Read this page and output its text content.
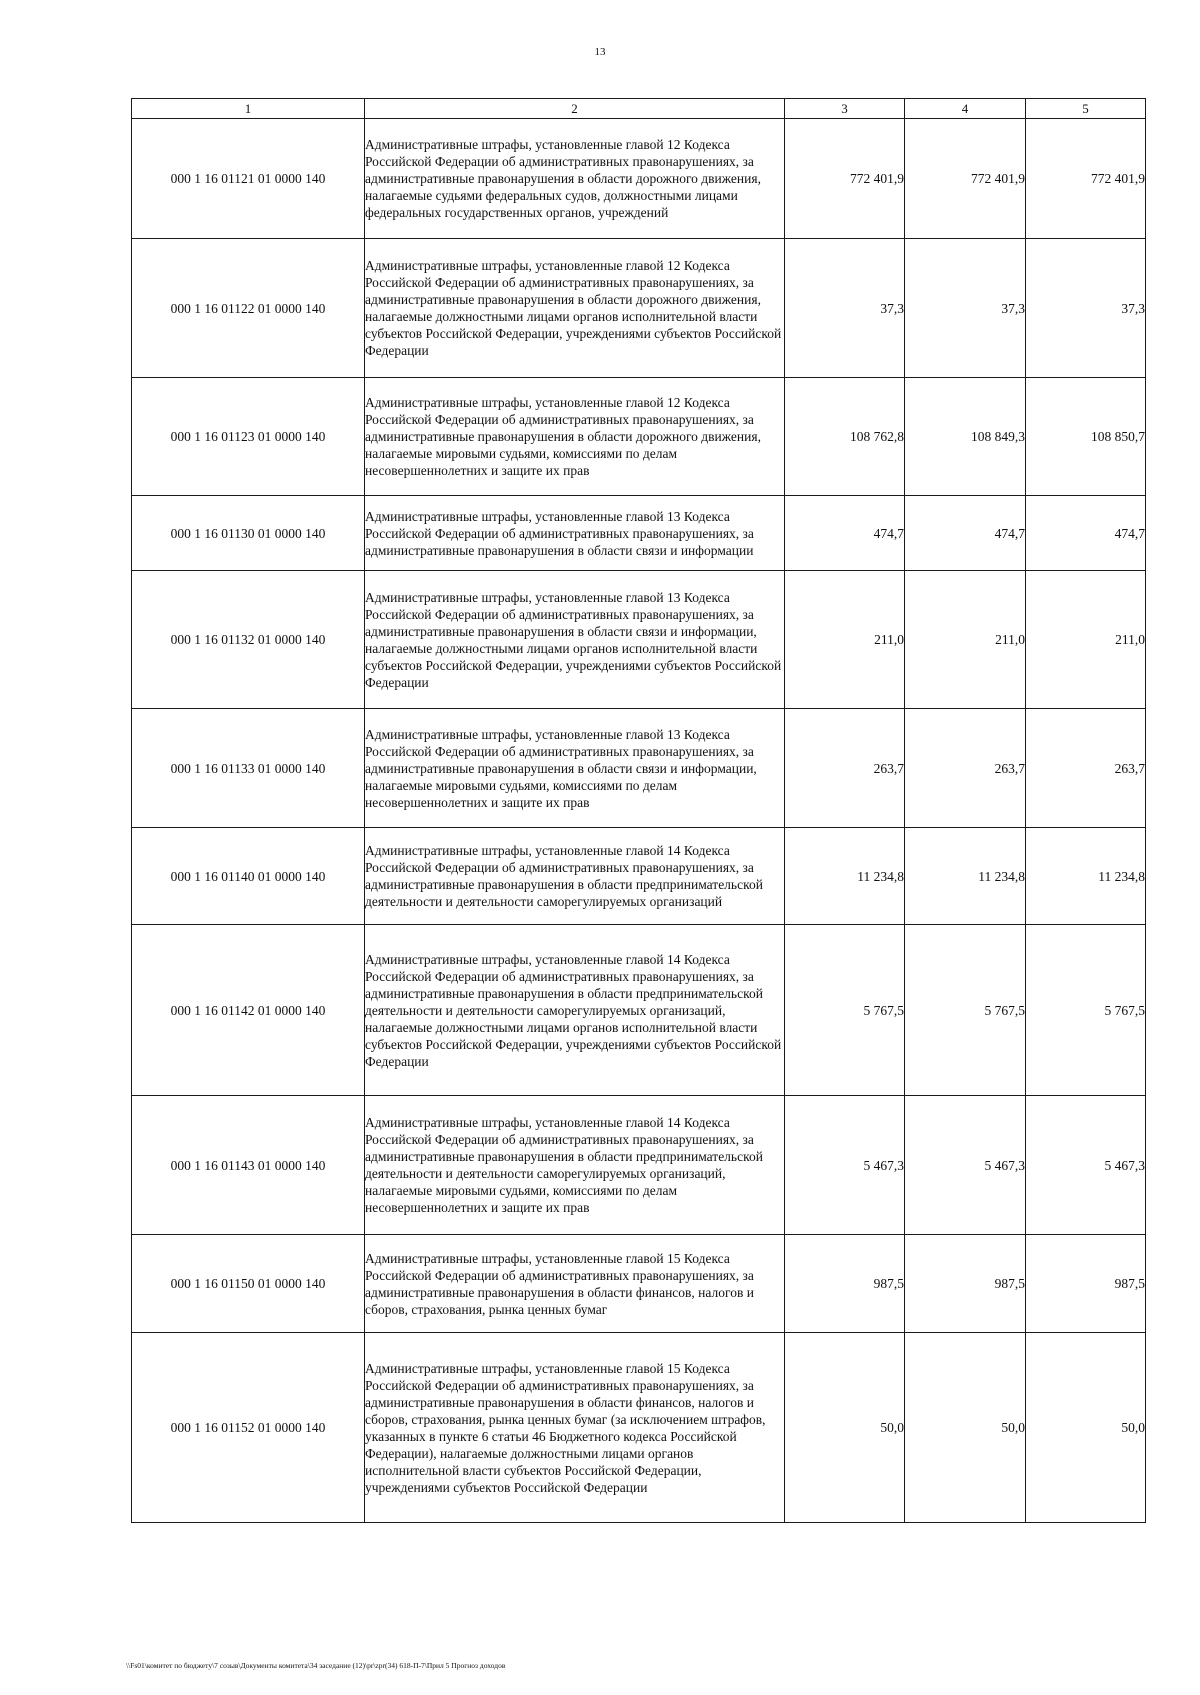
13
1	2	3	4	5
000 1 16 01121 01 0000 140	Административные штрафы, установленные главой 12 Кодекса Российской Федерации об административных правонарушениях, за административные правонарушения в области дорожного движения, налагаемые судьями федеральных судов, должностными лицами федеральных государственных органов, учреждений	772 401,9	772 401,9	772 401,9
000 1 16 01122 01 0000 140	Административные штрафы, установленные главой 12 Кодекса Российской Федерации об административных правонарушениях, за административные правонарушения в области дорожного движения, налагаемые должностными лицами органов исполнительной власти субъектов Российской Федерации, учреждениями субъектов Российской Федерации	37,3	37,3	37,3
000 1 16 01123 01 0000 140	Административные штрафы, установленные главой 12 Кодекса Российской Федерации об административных правонарушениях, за административные правонарушения в области дорожного движения, налагаемые мировыми судьями, комиссиями по делам несовершеннолетних и защите их прав	108 762,8	108 849,3	108 850,7
000 1 16 01130 01 0000 140	Административные штрафы, установленные главой 13 Кодекса Российской Федерации об административных правонарушениях, за административные правонарушения в области связи и информации	474,7	474,7	474,7
000 1 16 01132 01 0000 140	Административные штрафы, установленные главой 13 Кодекса Российской Федерации об административных правонарушениях, за административные правонарушения в области связи и информации, налагаемые должностными лицами органов исполнительной власти субъектов Российской Федерации, учреждениями субъектов Российской Федерации	211,0	211,0	211,0
000 1 16 01133 01 0000 140	Административные штрафы, установленные главой 13 Кодекса Российской Федерации об административных правонарушениях, за административные правонарушения в области связи и информации, налагаемые мировыми судьями, комиссиями по делам несовершеннолетних и защите их прав	263,7	263,7	263,7
000 1 16 01140 01 0000 140	Административные штрафы, установленные главой 14 Кодекса Российской Федерации об административных правонарушениях, за административные правонарушения в области предпринимательской деятельности и деятельности саморегулируемых организаций	11 234,8	11 234,8	11 234,8
000 1 16 01142 01 0000 140	Административные штрафы, установленные главой 14 Кодекса Российской Федерации об административных правонарушениях, за административные правонарушения в области предпринимательской деятельности и деятельности саморегулируемых организаций, налагаемые должностными лицами органов исполнительной власти субъектов Российской Федерации, учреждениями субъектов Российской Федерации	5 767,5	5 767,5	5 767,5
000 1 16 01143 01 0000 140	Административные штрафы, установленные главой 14 Кодекса Российской Федерации об административных правонарушениях, за административные правонарушения в области предпринимательской деятельности и деятельности саморегулируемых организаций, налагаемые мировыми судьями, комиссиями по делам несовершеннолетних и защите их прав	5 467,3	5 467,3	5 467,3
000 1 16 01150 01 0000 140	Административные штрафы, установленные главой 15 Кодекса Российской Федерации об административных правонарушениях, за административные правонарушения в области финансов, налогов и сборов, страхования, рынка ценных бумаг	987,5	987,5	987,5
000 1 16 01152 01 0000 140	Административные штрафы, установленные главой 15 Кодекса Российской Федерации об административных правонарушениях, за административные правонарушения в области финансов, налогов и сборов, страхования, рынка ценных бумаг (за исключением штрафов, указанных в пункте 6 статьи 46 Бюджетного кодекса Российской Федерации), налагаемые должностными лицами органов исполнительной власти субъектов Российской Федерации, учреждениями субъектов Российской Федерации	50,0	50,0	50,0
\\Fs01\комитет по бюджету\7 созыв\Документы комитета\34 заседание (12)\pr\zpr(34) 618-П-7\Прил 5 Прогноз доходов
